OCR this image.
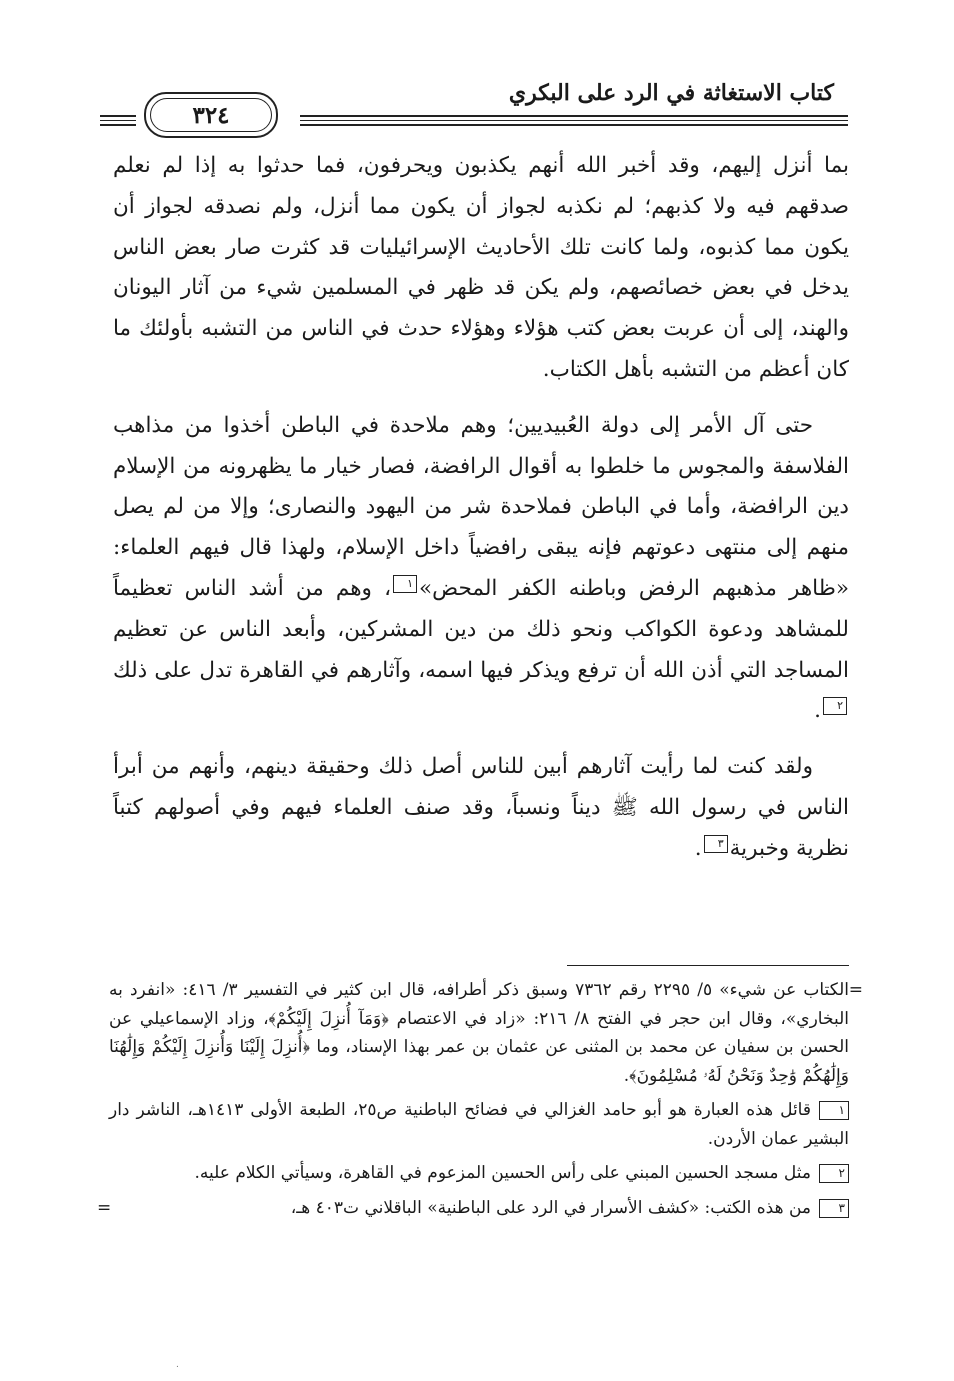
كتاب الاستغاثة في الرد على البكري
٣٢٤

بما أنزل إليهم، وقد أخبر الله أنهم يكذبون ويحرفون، فما حدثوا به إذا لم نعلم صدقهم فيه ولا كذبهم؛ لم نكذبه لجواز أن يكون مما أنزل، ولم نصدقه لجواز أن يكون مما كذبوه، ولما كانت تلك الأحاديث الإسرائيليات قد كثرت صار بعض الناس يدخل في بعض خصائصهم، ولم يكن قد ظهر في المسلمين شيء من آثار اليونان والهند، إلى أن عربت بعض كتب هؤلاء وهؤلاء حدث في الناس من التشبه بأولئك ما كان أعظم من التشبه بأهل الكتاب.

حتى آل الأمر إلى دولة العُبيديين؛ وهم ملاحدة في الباطن أخذوا من مذاهب الفلاسفة والمجوس ما خلطوا به أقوال الرافضة، فصار خيار ما يظهرونه من الإسلام دين الرافضة، وأما في الباطن فملاحدة شر من اليهود والنصارى؛ وإلا من لم يصل منهم إلى منتهى دعوتهم فإنه يبقى رافضياً داخل الإسلام، ولهذا قال فيهم العلماء: «ظاهر مذهبهم الرفض وباطنه الكفر المحض»١، وهم من أشد الناس تعظيماً للمشاهد ودعوة الكواكب ونحو ذلك من دين المشركين، وأبعد الناس عن تعظيم المساجد التي أذن الله أن ترفع ويذكر فيها اسمه، وآثارهم في القاهرة تدل على ذلك٢.

ولقد كنت لما رأيت آثارهم أبين للناس أصل ذلك وحقيقة دينهم، وأنهم من أبرأ الناس في رسول الله ﷺ ديناً ونسباً، وقد صنف العلماء فيهم وفي أصولهم كتباً نظرية وخبرية٣.

=
الكتاب عن شيء» ٥/ ٢٢٩٥ رقم ٧٣٦٢ وسبق ذكر أطرافه، قال ابن كثير في التفسير ٣/ ٤١٦: «انفرد به البخاري»، وقال ابن حجر في الفتح ٨/ ٢١٦: «زاد في الاعتصام ﴿وَمَآ أُنزِلَ إِلَيْكُمْ﴾، وزاد الإسماعيلي عن الحسن بن سفيان عن محمد بن المثنى عن عثمان بن عمر بهذا الإسناد، وما ﴿أُنزِلَ إِلَيْنَا وَأُنزِلَ إِلَيْكُمْ وَإِلَٰهُنَا وَإِلَٰهُكُمْ وَٰحِدٌ وَنَحْنُ لَهُۥ مُسْلِمُونَ﴾.

١قائل هذه العبارة هو أبو حامد الغزالي في فضائح الباطنية ص٢٥، الطبعة الأولى ١٤١٣هـ، الناشر دار البشير عمان الأردن.

٢مثل مسجد الحسين المبني على رأس الحسين المزعوم في القاهرة، وسيأتي الكلام عليه.

٣من هذه الكتب: «كشف الأسرار في الرد على الباطنية» الباقلاني ت٤٠٣ هـ،
=

.
